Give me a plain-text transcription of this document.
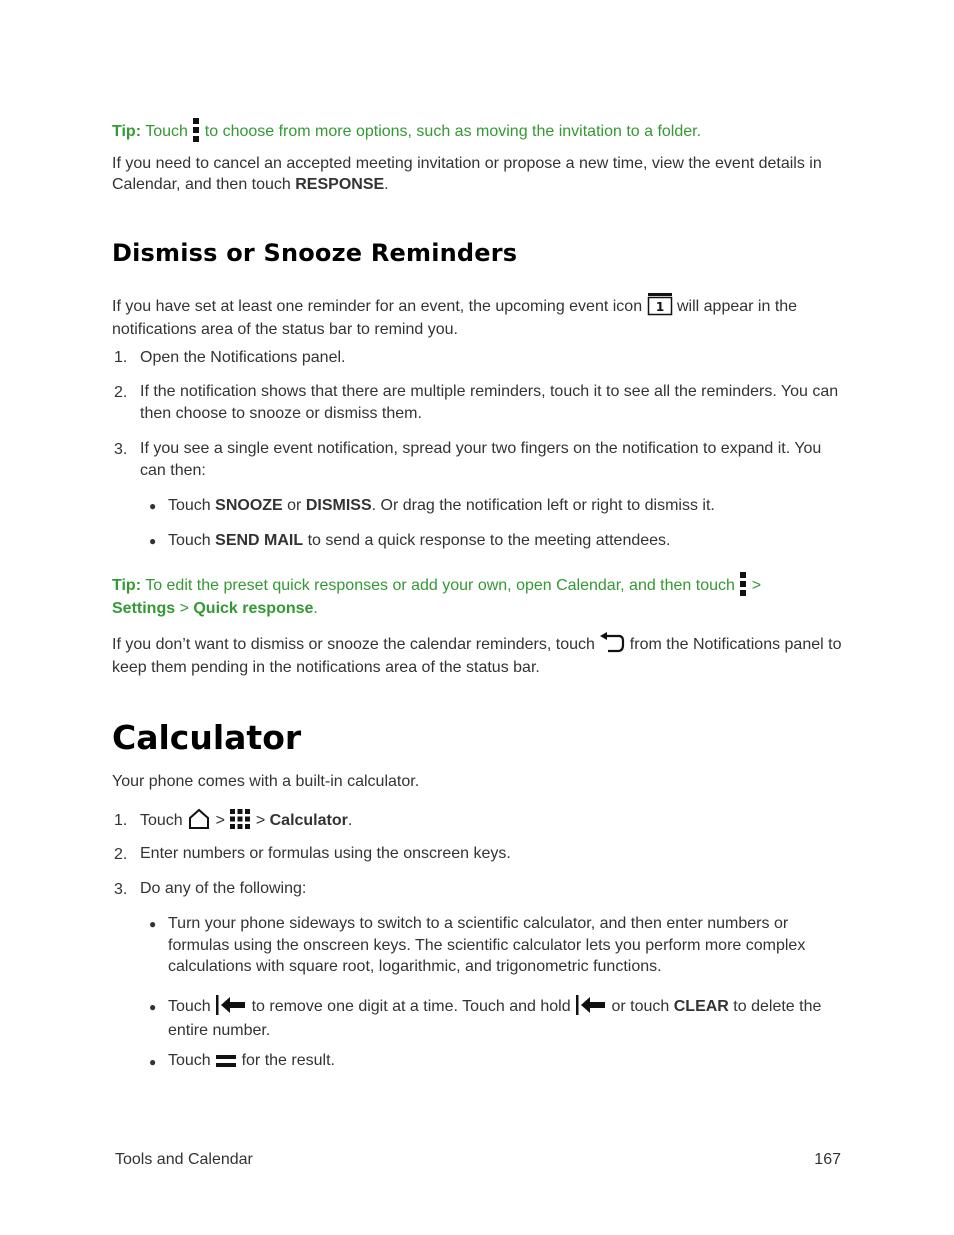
Tip: Touch  to choose from more options, such as moving the invitation to a folder.

If you need to cancel an accepted meeting invitation or propose a new time, view the event details in Calendar, and then touch RESPONSE.

Dismiss or Snooze Reminders

If you have set at least one reminder for an event, the upcoming event icon 1 will appear in the notifications area of the status bar to remind you.

1. Open the Notifications panel.
2. If the notification shows that there are multiple reminders, touch it to see all the reminders. You can then choose to snooze or dismiss them.
3. If you see a single event notification, spread your two fingers on the notification to expand it. You can then:
● Touch SNOOZE or DISMISS. Or drag the notification left or right to dismiss it.
● Touch SEND MAIL to send a quick response to the meeting attendees.

Tip: To edit the preset quick responses or add your own, open Calendar, and then touch  >
Settings > Quick response.

If you don’t want to dismiss or snooze the calendar reminders, touch  from the Notifications panel to keep them pending in the notifications area of the status bar.

Calculator

Your phone comes with a built-in calculator.

1. Touch  >  > Calculator.
2. Enter numbers or formulas using the onscreen keys.
3. Do any of the following:
● Turn your phone sideways to switch to a scientific calculator, and then enter numbers or formulas using the onscreen keys. The scientific calculator lets you perform more complex calculations with square root, logarithmic, and trigonometric functions.
● Touch  to remove one digit at a time. Touch and hold  or touch CLEAR to delete the entire number.
● Touch  for the result.
Tools and Calendar	167
